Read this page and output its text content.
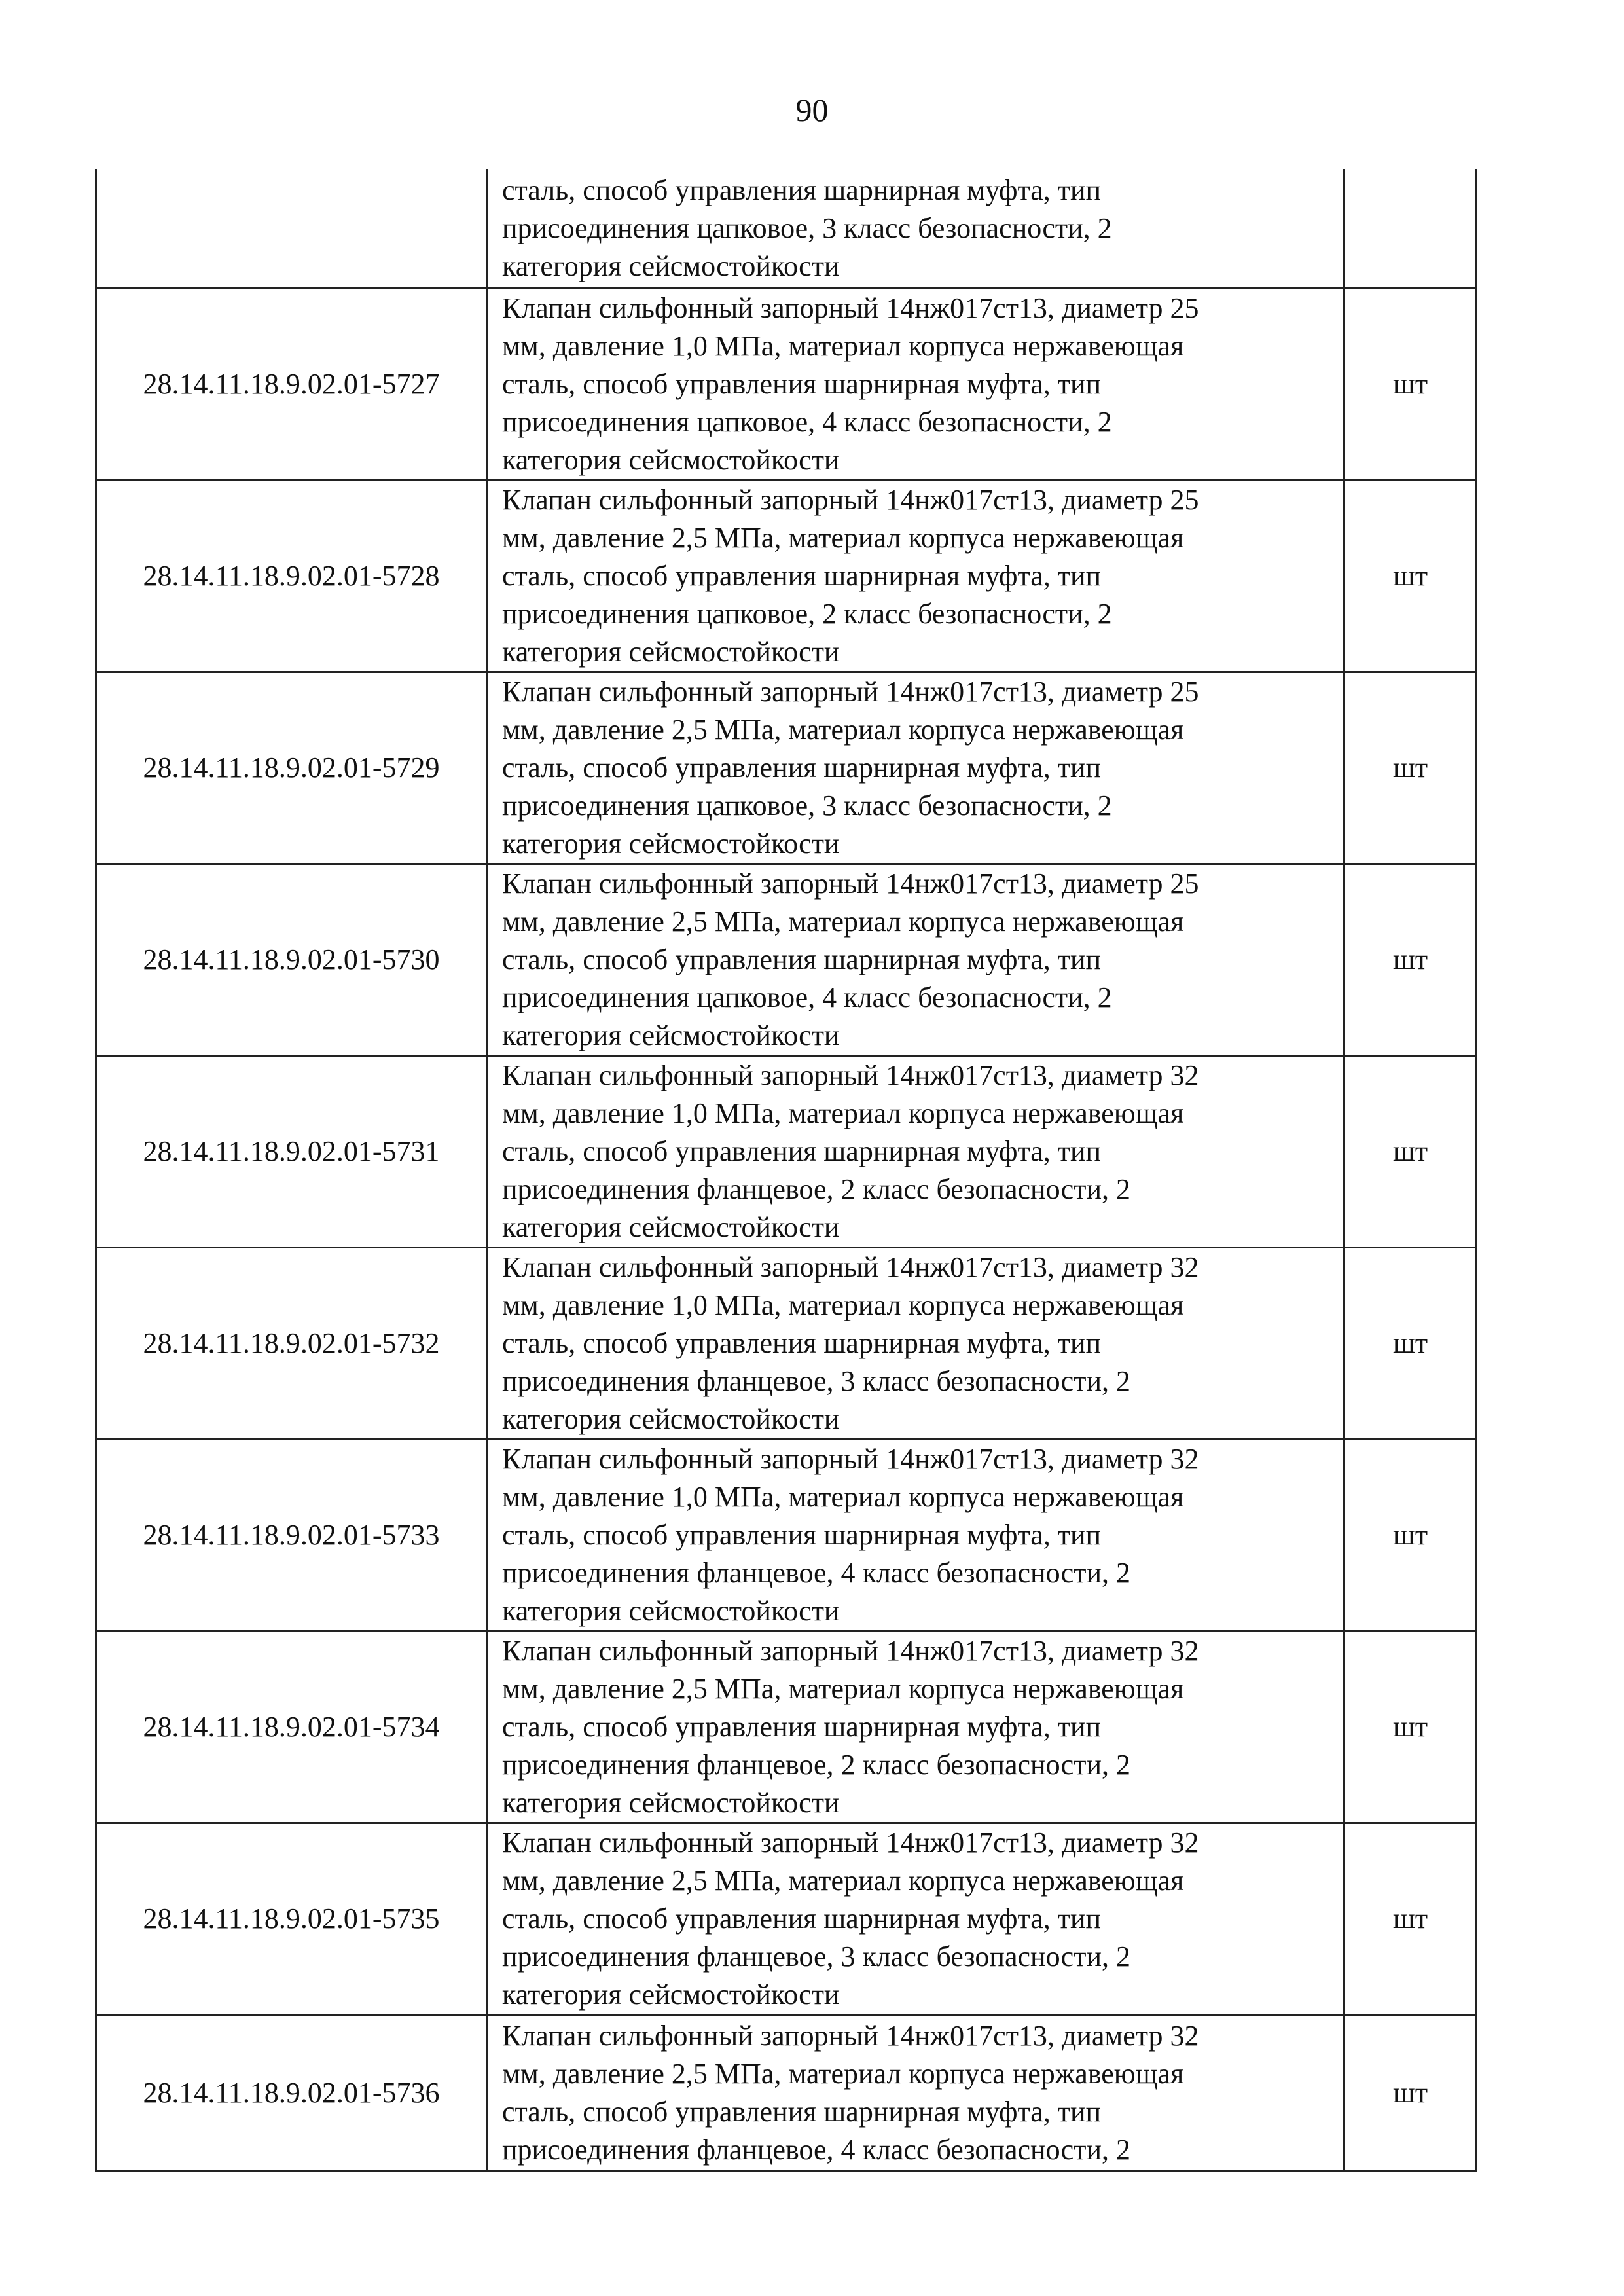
90

	сталь, способ управления шарнирная муфта, тип
присоединения цапковое, 3 класс безопасности, 2
категория сейсмостойкости	

28.14.11.18.9.02.01-5727	Клапан сильфонный запорный 14нж017ст13, диаметр 25
мм, давление 1,0 МПа, материал корпуса нержавеющая
сталь, способ управления шарнирная муфта, тип
присоединения цапковое, 4 класс безопасности, 2
категория сейсмостойкости	шт
28.14.11.18.9.02.01-5728	Клапан сильфонный запорный 14нж017ст13, диаметр 25
мм, давление 2,5 МПа, материал корпуса нержавеющая
сталь, способ управления шарнирная муфта, тип
присоединения цапковое, 2 класс безопасности, 2
категория сейсмостойкости	шт
28.14.11.18.9.02.01-5729	Клапан сильфонный запорный 14нж017ст13, диаметр 25
мм, давление 2,5 МПа, материал корпуса нержавеющая
сталь, способ управления шарнирная муфта, тип
присоединения цапковое, 3 класс безопасности, 2
категория сейсмостойкости	шт
28.14.11.18.9.02.01-5730	Клапан сильфонный запорный 14нж017ст13, диаметр 25
мм, давление 2,5 МПа, материал корпуса нержавеющая
сталь, способ управления шарнирная муфта, тип
присоединения цапковое, 4 класс безопасности, 2
категория сейсмостойкости	шт
28.14.11.18.9.02.01-5731	Клапан сильфонный запорный 14нж017ст13, диаметр 32
мм, давление 1,0 МПа, материал корпуса нержавеющая
сталь, способ управления шарнирная муфта, тип
присоединения фланцевое, 2 класс безопасности, 2
категория сейсмостойкости	шт
28.14.11.18.9.02.01-5732	Клапан сильфонный запорный 14нж017ст13, диаметр 32
мм, давление 1,0 МПа, материал корпуса нержавеющая
сталь, способ управления шарнирная муфта, тип
присоединения фланцевое, 3 класс безопасности, 2
категория сейсмостойкости	шт
28.14.11.18.9.02.01-5733	Клапан сильфонный запорный 14нж017ст13, диаметр 32
мм, давление 1,0 МПа, материал корпуса нержавеющая
сталь, способ управления шарнирная муфта, тип
присоединения фланцевое, 4 класс безопасности, 2
категория сейсмостойкости	шт
28.14.11.18.9.02.01-5734	Клапан сильфонный запорный 14нж017ст13, диаметр 32
мм, давление 2,5 МПа, материал корпуса нержавеющая
сталь, способ управления шарнирная муфта, тип
присоединения фланцевое, 2 класс безопасности, 2
категория сейсмостойкости	шт
28.14.11.18.9.02.01-5735	Клапан сильфонный запорный 14нж017ст13, диаметр 32
мм, давление 2,5 МПа, материал корпуса нержавеющая
сталь, способ управления шарнирная муфта, тип
присоединения фланцевое, 3 класс безопасности, 2
категория сейсмостойкости	шт
28.14.11.18.9.02.01-5736	Клапан сильфонный запорный 14нж017ст13, диаметр 32
мм, давление 2,5 МПа, материал корпуса нержавеющая
сталь, способ управления шарнирная муфта, тип
присоединения фланцевое, 4 класс безопасности, 2	шт
